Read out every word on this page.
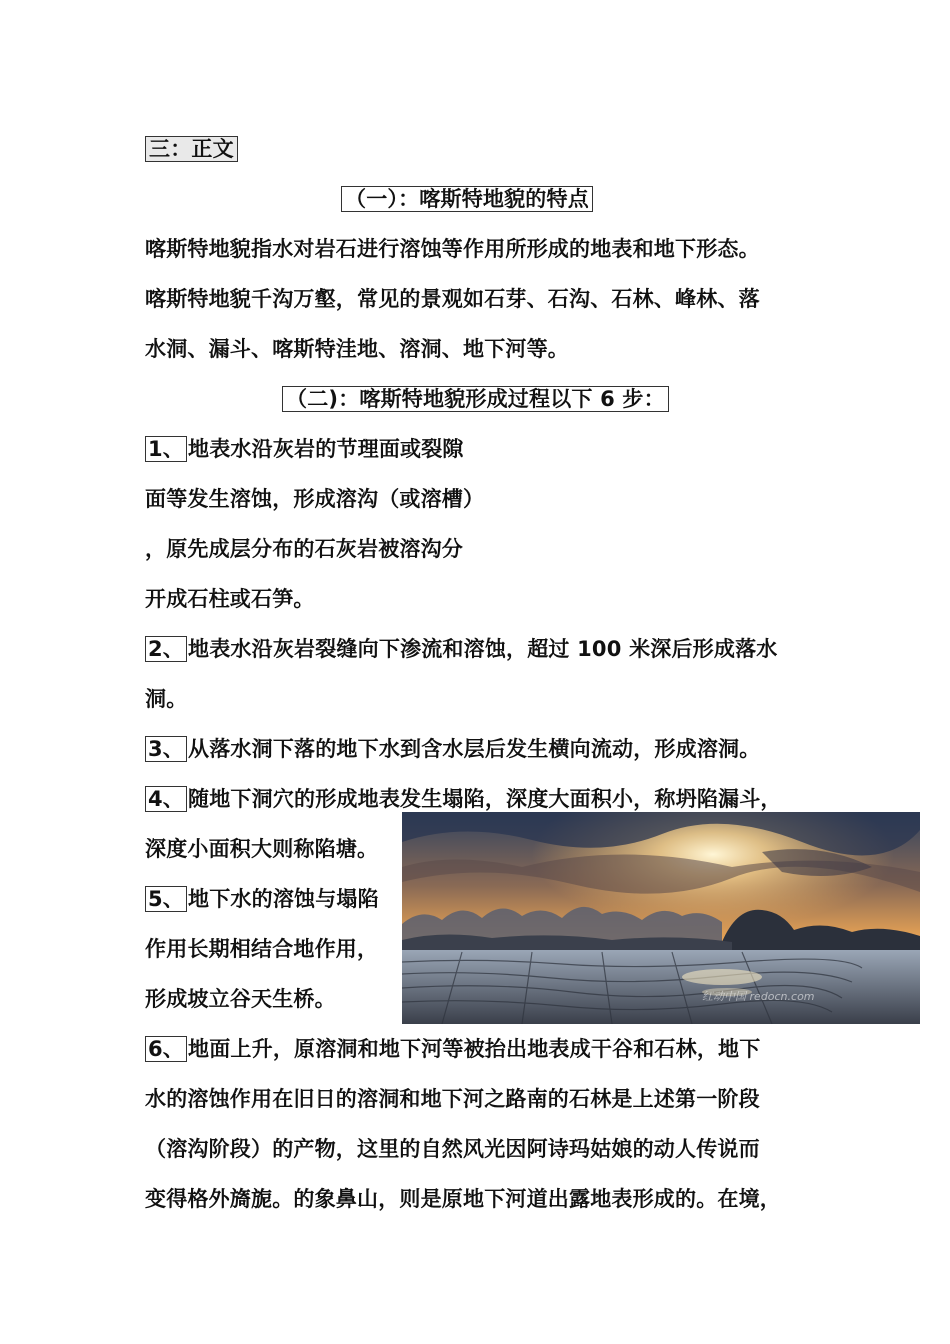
三：正文
（一）：喀斯特地貌的特点
喀斯特地貌指水对岩石进行溶蚀等作用所形成的地表和地下形态。
喀斯特地貌千沟万壑，常见的景观如石芽、石沟、石林、峰林、落
水洞、漏斗、喀斯特洼地、溶洞、地下河等。
（二)：喀斯特地貌形成过程以下 6 步：
1、 地表水沿灰岩的节理面或裂隙
面等发生溶蚀，形成溶沟（或溶槽）
，原先成层分布的石灰岩被溶沟分
开成石柱或石笋。
2、 地表水沿灰岩裂缝向下渗流和溶蚀，超过 100 米深后形成落水
洞。
3、 从落水洞下落的地下水到含水层后发生横向流动，形成溶洞。
4、 随地下洞穴的形成地表发生塌陷，深度大面积小，称坍陷漏斗，
深度小面积大则称陷塘。
5、 地下水的溶蚀与塌陷
作用长期相结合地作用，
形成坡立谷天生桥。
6、 地面上升，原溶洞和地下河等被抬出地表成干谷和石林，地下
水的溶蚀作用在旧日的溶洞和地下河之路南的石林是上述第一阶段
（溶沟阶段）的产物，这里的自然风光因阿诗玛姑娘的动人传说而
变得格外旖旎。的象鼻山，则是原地下河道出露地表形成的。在境，
红动中国 redocn.com
